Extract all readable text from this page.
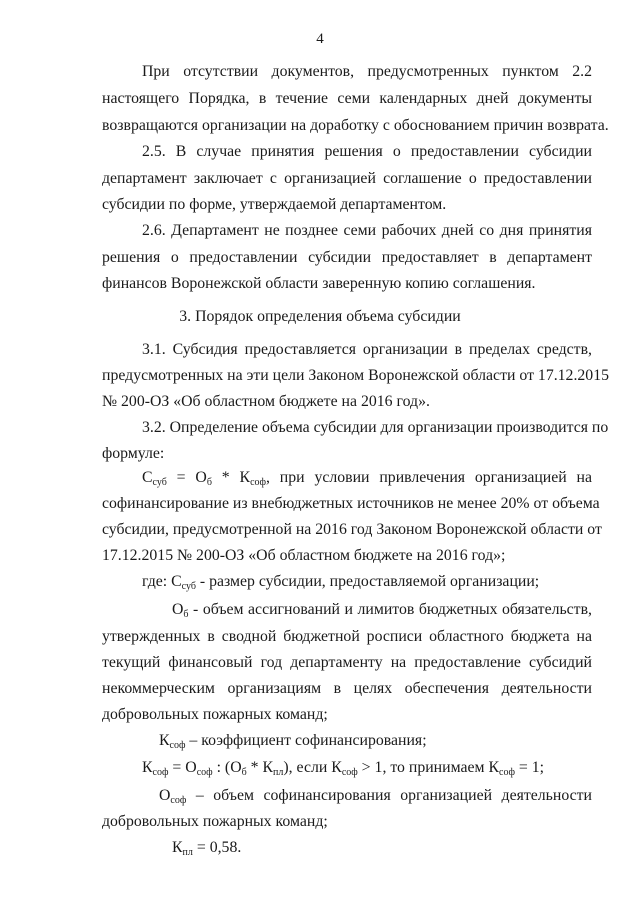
4
При отсутствии документов, предусмотренных пунктом 2.2
настоящего Порядка, в течение семи календарных дней документы
возвращаются организации на доработку с обоснованием причин возврата.
2.5. В случае принятия решения о предоставлении субсидии
департамент заключает с организацией соглашение о предоставлении
субсидии по форме, утверждаемой департаментом.
2.6. Департамент не позднее семи рабочих дней со дня принятия
решения о предоставлении субсидии предоставляет в департамент
финансов Воронежской области заверенную копию соглашения.
3. Порядок определения объема субсидии
3.1. Субсидия предоставляется организации в пределах средств,
предусмотренных на эти цели Законом Воронежской области от 17.12.2015
№ 200-ОЗ «Об областном бюджете на 2016 год».
3.2. Определение объема субсидии для организации производится по
формуле:
$С_{суб} = О_б * К_{соф}$, при условии привлечения организацией на
софинансирование из внебюджетных источников не менее 20% от объема
субсидии, предусмотренной на 2016 год Законом Воронежской области от
17.12.2015 № 200-ОЗ «Об областном бюджете на 2016 год»;
где: $С_{суб}$ - размер субсидии, предоставляемой организации;
$О_б$ - объем ассигнований и лимитов бюджетных обязательств,
утвержденных в сводной бюджетной росписи областного бюджета на
текущий финансовый год департаменту на предоставление субсидий
некоммерческим организациям в целях обеспечения деятельности
добровольных пожарных команд;
$К_{соф}$ – коэффициент софинансирования;
$К_{соф} = О_{соф}$ : $(О_б * К_{пл})$, если $К_{соф} > 1$, то принимаем $К_{соф} = 1$;
$О_{соф}$ – объем софинансирования организацией деятельности
добровольных пожарных команд;
$К_{пл} = 0,58$.
